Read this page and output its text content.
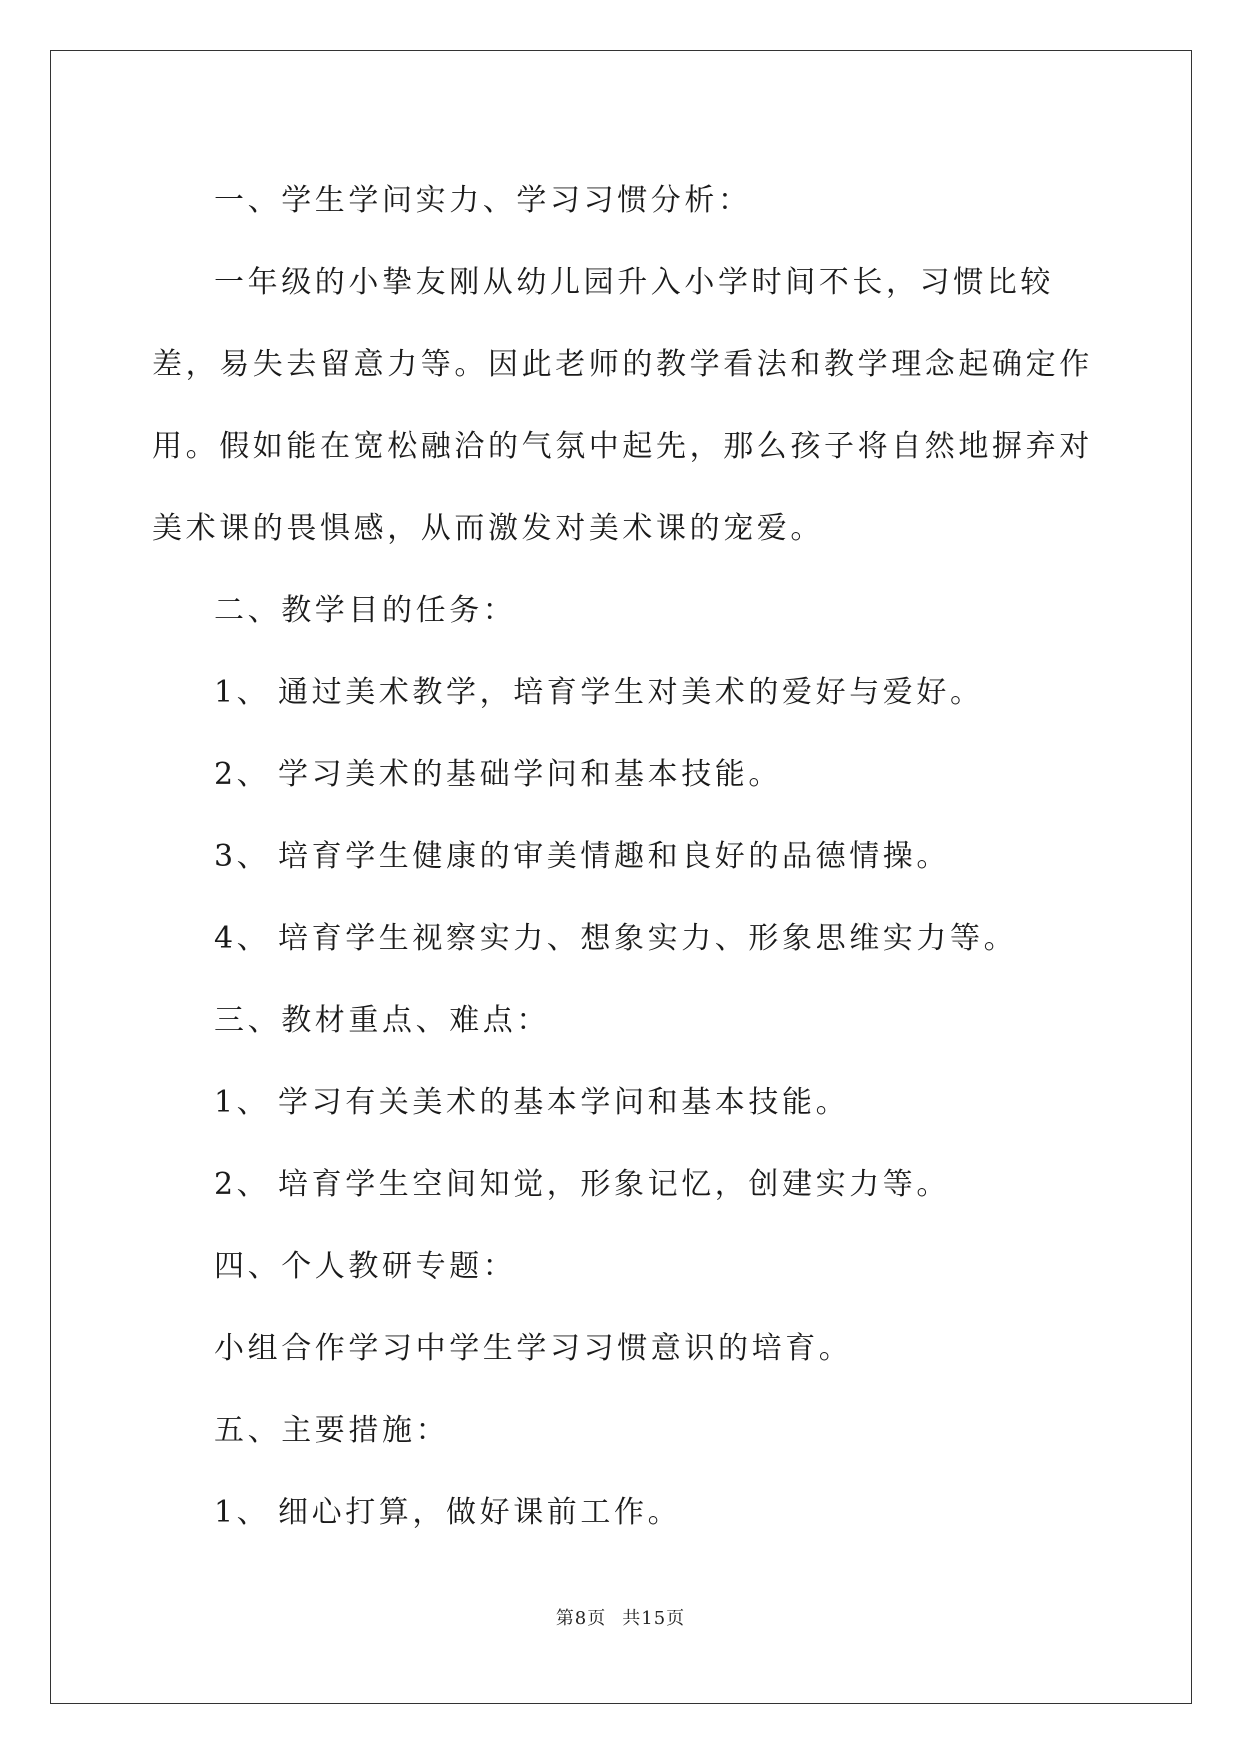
一、学生学问实力、学习习惯分析：

一年级的小挚友刚从幼儿园升入小学时间不长，习惯比较差，易失去留意力等。因此老师的教学看法和教学理念起确定作用。假如能在宽松融洽的气氛中起先，那么孩子将自然地摒弃对美术课的畏惧感，从而激发对美术课的宠爱。

二、教学目的任务：

1、 通过美术教学，培育学生对美术的爱好与爱好。

2、 学习美术的基础学问和基本技能。

3、 培育学生健康的审美情趣和良好的品德情操。

4、 培育学生视察实力、想象实力、形象思维实力等。

三、教材重点、难点：

1、 学习有关美术的基本学问和基本技能。

2、 培育学生空间知觉，形象记忆，创建实力等。

四、个人教研专题：

小组合作学习中学生学习习惯意识的培育。

五、主要措施：

1、 细心打算，做好课前工作。

第8页 共15页
